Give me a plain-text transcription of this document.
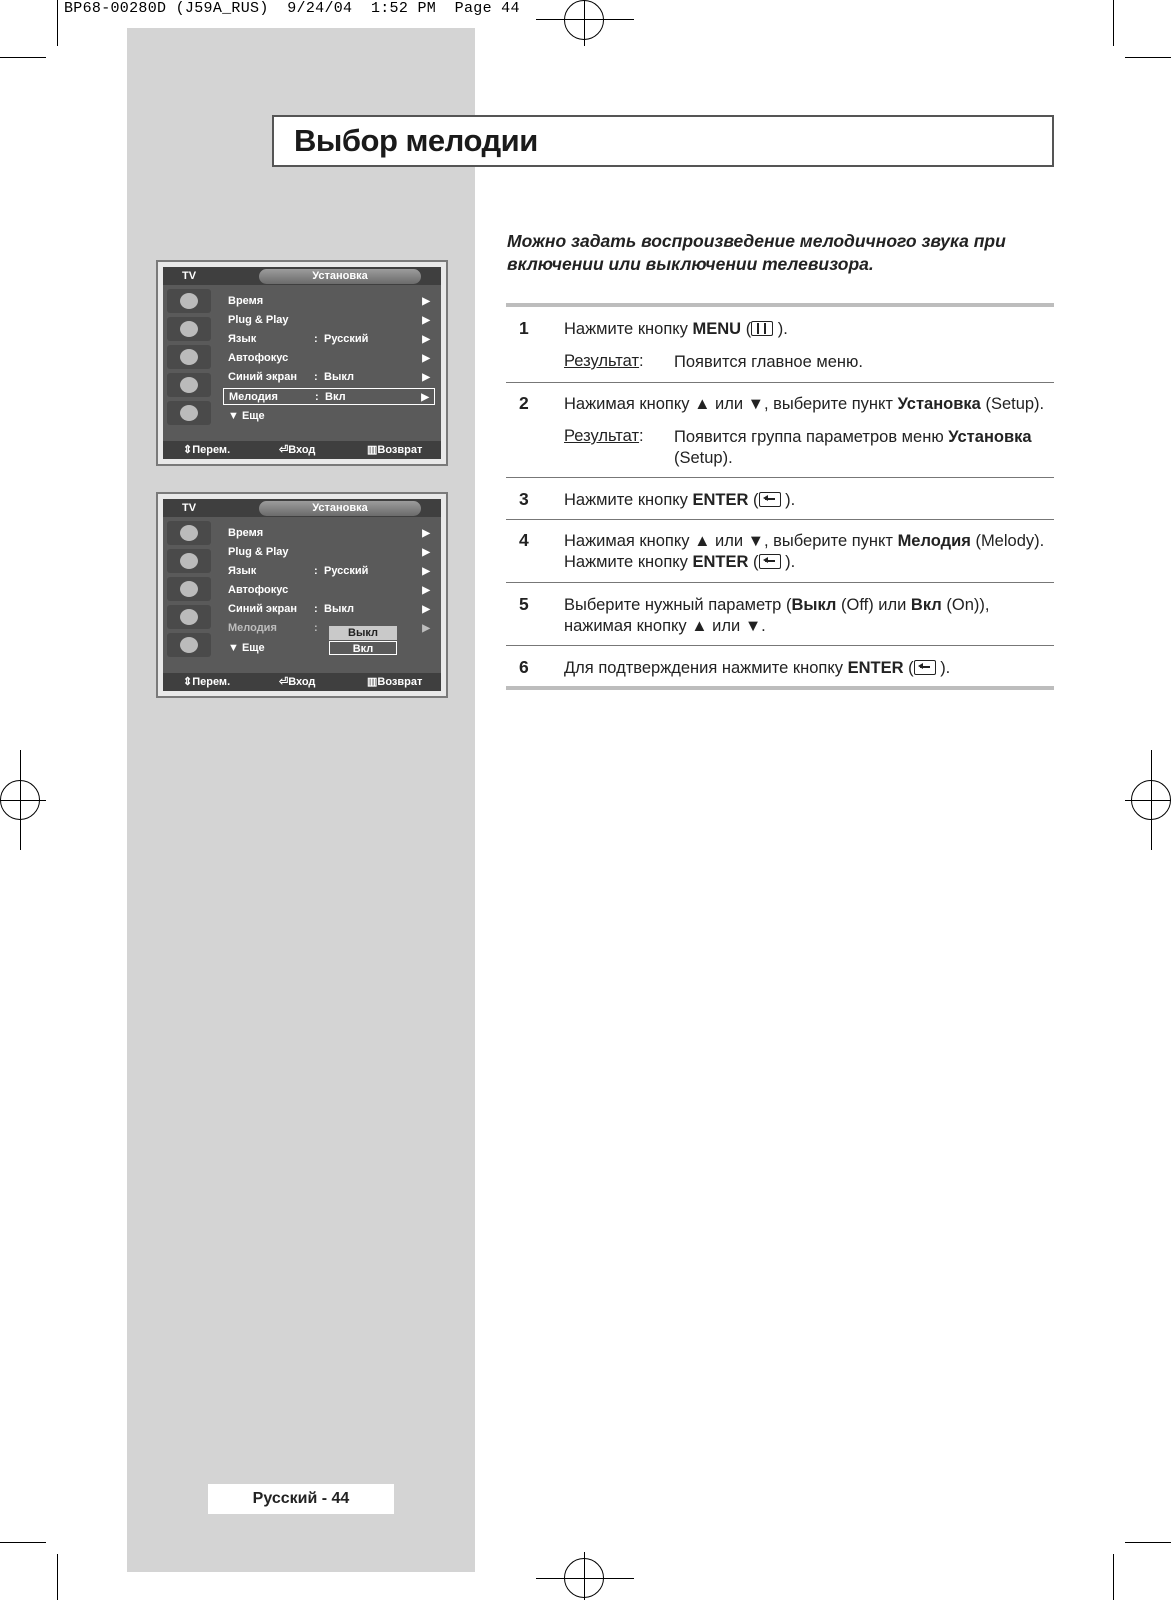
BP68-00280D (J59A_RUS)  9/24/04  1:52 PM  Page 44
Выбор мелодии
Можно задать воспроизведение мелодичного звука при включении или выключении телевизора.
1 Нажмите кнопку MENU ( ).
Результат: Появится главное меню.
2 Нажимая кнопку ▲ или ▼, выберите пункт Установка (Setup).
Результат: Появится группа параметров меню Установка (Setup).
3 Нажмите кнопку ENTER ( ).
4 Нажимая кнопку ▲ или ▼, выберите пункт Мелодия (Melody).
Нажмите кнопку ENTER ( ).
5 Выберите нужный параметр (Выкл (Off) или Вкл (On)),
нажимая кнопку ▲ или ▼.
6 Для подтверждения нажмите кнопку ENTER ( ).
TV	Установка
Время	▶
Plug & Play	▶
Язык	: Русский	▶
Автофокус	▶
Синий экран : Выкл	▶
Мелодия	: Вкл	▶
▼ Еще
⇕ Перем.	⏎ Вход	▥ Возврат
TV	Установка
Время	▶
Plug & Play	▶
Язык	: Русский	▶
Автофокус	▶
Синий экран : Выкл	▶
Мелодия	:	▶
▼ Еще
Выкл
Вкл
⇕ Перем.	⏎ Вход	▥ Возврат
Русский - 44
